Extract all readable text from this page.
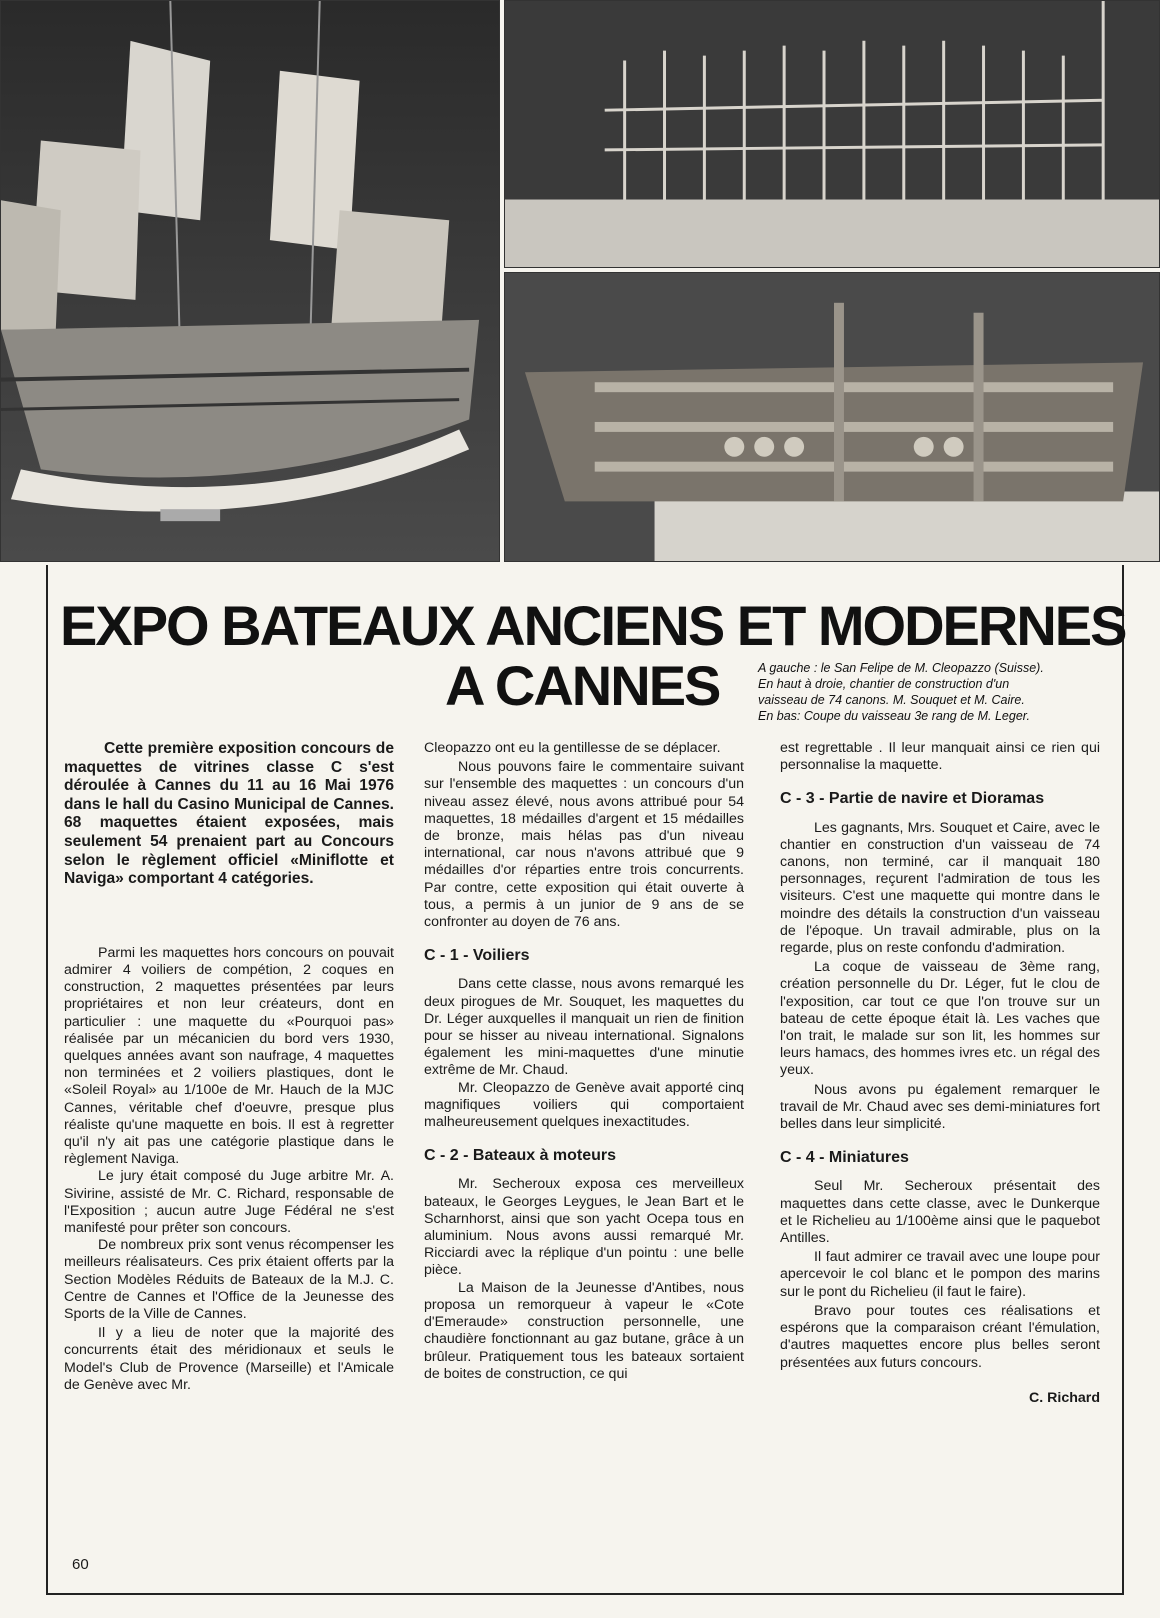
EXPO BATEAUX ANCIENS ET MODERNES
A CANNES	A gauche : le San Felipe de M. Cleopazzo (Suisse).
En haut à droie, chantier de construction d'un
vaisseau de 74 canons. M. Souquet et M. Caire.
En bas: Coupe du vaisseau 3e rang de M. Leger.

Cette première exposition concours de maquettes de vitrines classe C s'est déroulée à Cannes du 11 au 16 Mai 1976 dans le hall du Casino Municipal de Cannes. 68 maquettes étaient exposées, mais seulement 54 prenaient part au Concours selon le règlement officiel «Miniflotte et Naviga» comportant 4 catégories.

Parmi les maquettes hors concours on pouvait admirer 4 voiliers de compétion, 2 coques en construction, 2 maquettes présentées par leurs propriétaires et non leur créateurs, dont en particulier : une maquette du «Pourquoi pas» réalisée par un mécanicien du bord vers 1930, quelques années avant son naufrage, 4 maquettes non terminées et 2 voiliers plastiques, dont le «Soleil Royal» au 1/100e de Mr. Hauch de la MJC Cannes, véritable chef d'oeuvre, presque plus réaliste qu'une maquette en bois. Il est à regretter qu'il n'y ait pas une catégorie plastique dans le règlement Naviga.

Le jury était composé du Juge arbitre Mr. A. Sivirine, assisté de Mr. C. Richard, responsable de l'Exposition ; aucun autre Juge Fédéral ne s'est manifesté pour prêter son concours.

De nombreux prix sont venus récompenser les meilleurs réalisateurs. Ces prix étaient offerts par la Section Modèles Réduits de Bateaux de la M.J. C. Centre de Cannes et l'Office de la Jeunesse des Sports de la Ville de Cannes.

Il y a lieu de noter que la majorité des concurrents était des méridionaux et seuls le Model's Club de Provence (Marseille) et l'Amicale de Genève avec Mr.

Cleopazzo ont eu la gentillesse de se déplacer.

Nous pouvons faire le commentaire suivant sur l'ensemble des maquettes : un concours d'un niveau assez élevé, nous avons attribué pour 54 maquettes, 18 médailles d'argent et 15 médailles de bronze, mais hélas pas d'un niveau international, car nous n'avons attribué que 9 médailles d'or réparties entre trois concurrents. Par contre, cette exposition qui était ouverte à tous, a permis à un junior de 9 ans de se confronter au doyen de 76 ans.

C - 1 - Voiliers

Dans cette classe, nous avons remarqué les deux pirogues de Mr. Souquet, les maquettes du Dr. Léger auxquelles il manquait un rien de finition pour se hisser au niveau international. Signalons également les mini-maquettes d'une minutie extrême de Mr. Chaud.

Mr. Cleopazzo de Genève avait apporté cinq magnifiques voiliers qui comportaient malheureusement quelques inexactitudes.

C - 2 - Bateaux à moteurs

Mr. Secheroux exposa ces merveilleux bateaux, le Georges Leygues, le Jean Bart et le Scharnhorst, ainsi que son yacht Ocepa tous en aluminium. Nous avons aussi remarqué Mr. Ricciardi avec la réplique d'un pointu : une belle pièce.

La Maison de la Jeunesse d'Antibes, nous proposa un remorqueur à vapeur le «Cote d'Emeraude» construction personnelle, une chaudière fonctionnant au gaz butane, grâce à un brûleur. Pratiquement tous les bateaux sortaient de boites de construction, ce qui

est regrettable . Il leur manquait ainsi ce rien qui personnalise la maquette.

C - 3 - Partie de navire et Dioramas

Les gagnants, Mrs. Souquet et Caire, avec le chantier en construction d'un vaisseau de 74 canons, non terminé, car il manquait 180 personnages, reçurent l'admiration de tous les visiteurs. C'est une maquette qui montre dans le moindre des détails la construction d'un vaisseau de l'époque. Un travail admirable, plus on la regarde, plus on reste confondu d'admiration.

La coque de vaisseau de 3ème rang, création personnelle du Dr. Léger, fut le clou de l'exposition, car tout ce que l'on trouve sur un bateau de cette époque était là. Les vaches que l'on trait, le malade sur son lit, les hommes sur leurs hamacs, des hommes ivres etc. un régal des yeux.

Nous avons pu également remarquer le travail de Mr. Chaud avec ses demi-miniatures fort belles dans leur simplicité.

C - 4 - Miniatures

Seul Mr. Secheroux présentait des maquettes dans cette classe, avec le Dunkerque et le Richelieu au 1/100ème ainsi que le paquebot Antilles.

Il faut admirer ce travail avec une loupe pour apercevoir le col blanc et le pompon des marins sur le pont du Richelieu (il faut le faire).

Bravo pour toutes ces réalisations et espérons que la comparaison créant l'émulation, d'autres maquettes encore plus belles seront présentées aux futurs concours.

C. Richard

60
